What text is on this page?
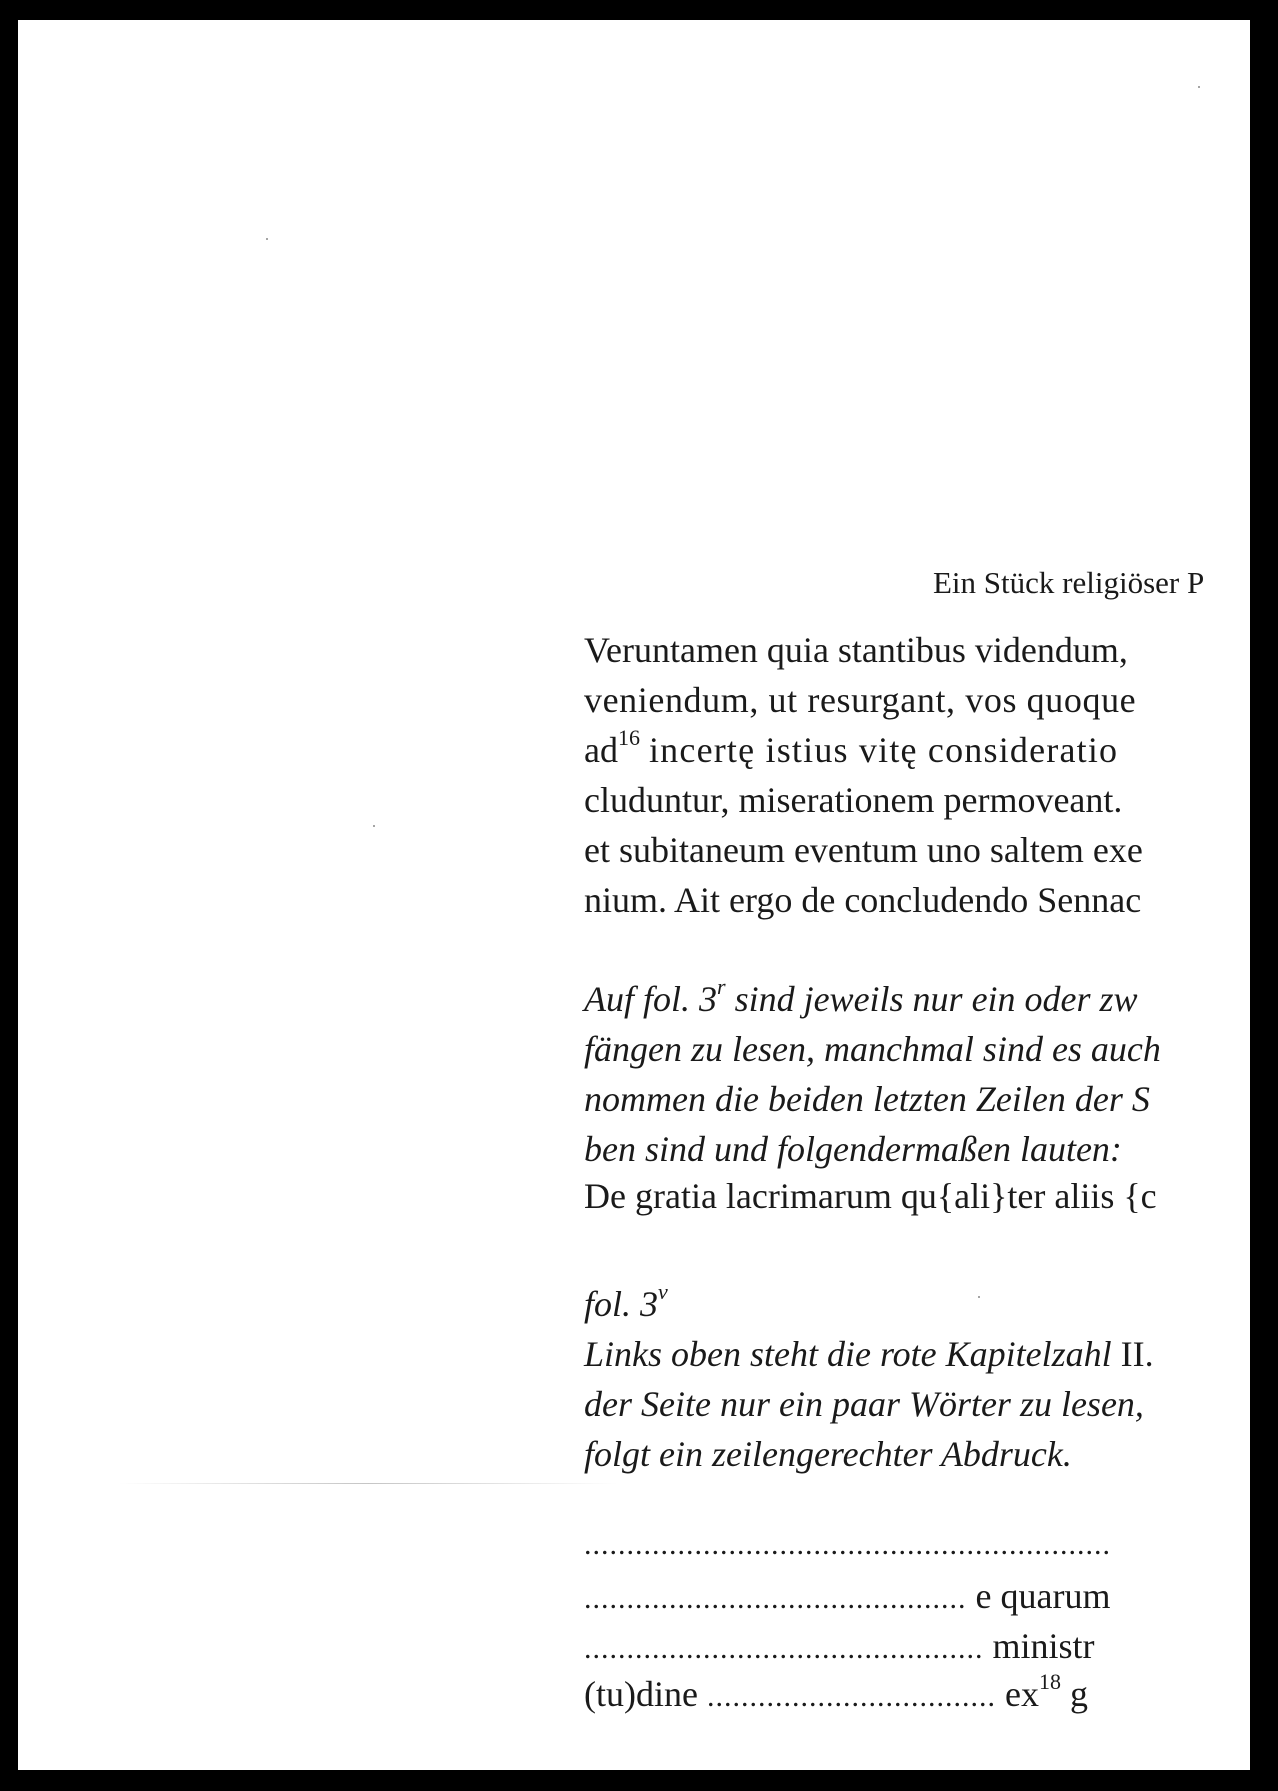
Ein Stück religiöser P
Veruntamen quia stantibus videndum,
veniendum, ut resurgant, vos quoque
$ad^{16}$ incertę istius vitę consideratio
cluduntur, miserationem permoveant.
et subitaneum eventum uno saltem exe
nium. Ait ergo de concludendo Sennac
Auf fol. 3$^r$ sind jeweils nur ein oder zw
fängen zu lesen, manchmal sind es auch
nommen die beiden letzten Zeilen der S
ben sind und folgendermaßen lauten:
De gratia lacrimarum qu{ali}ter aliis {c
fol. 3$^v$
Links oben steht die rote Kapitelzahl II.
der Seite nur ein paar Wörter zu lesen,
folgt ein zeilengerechter Abdruck.
..............................................................
............................................. e quarum
............................................... ministr
(tu)dine .................................. $ex^{18}$ g
